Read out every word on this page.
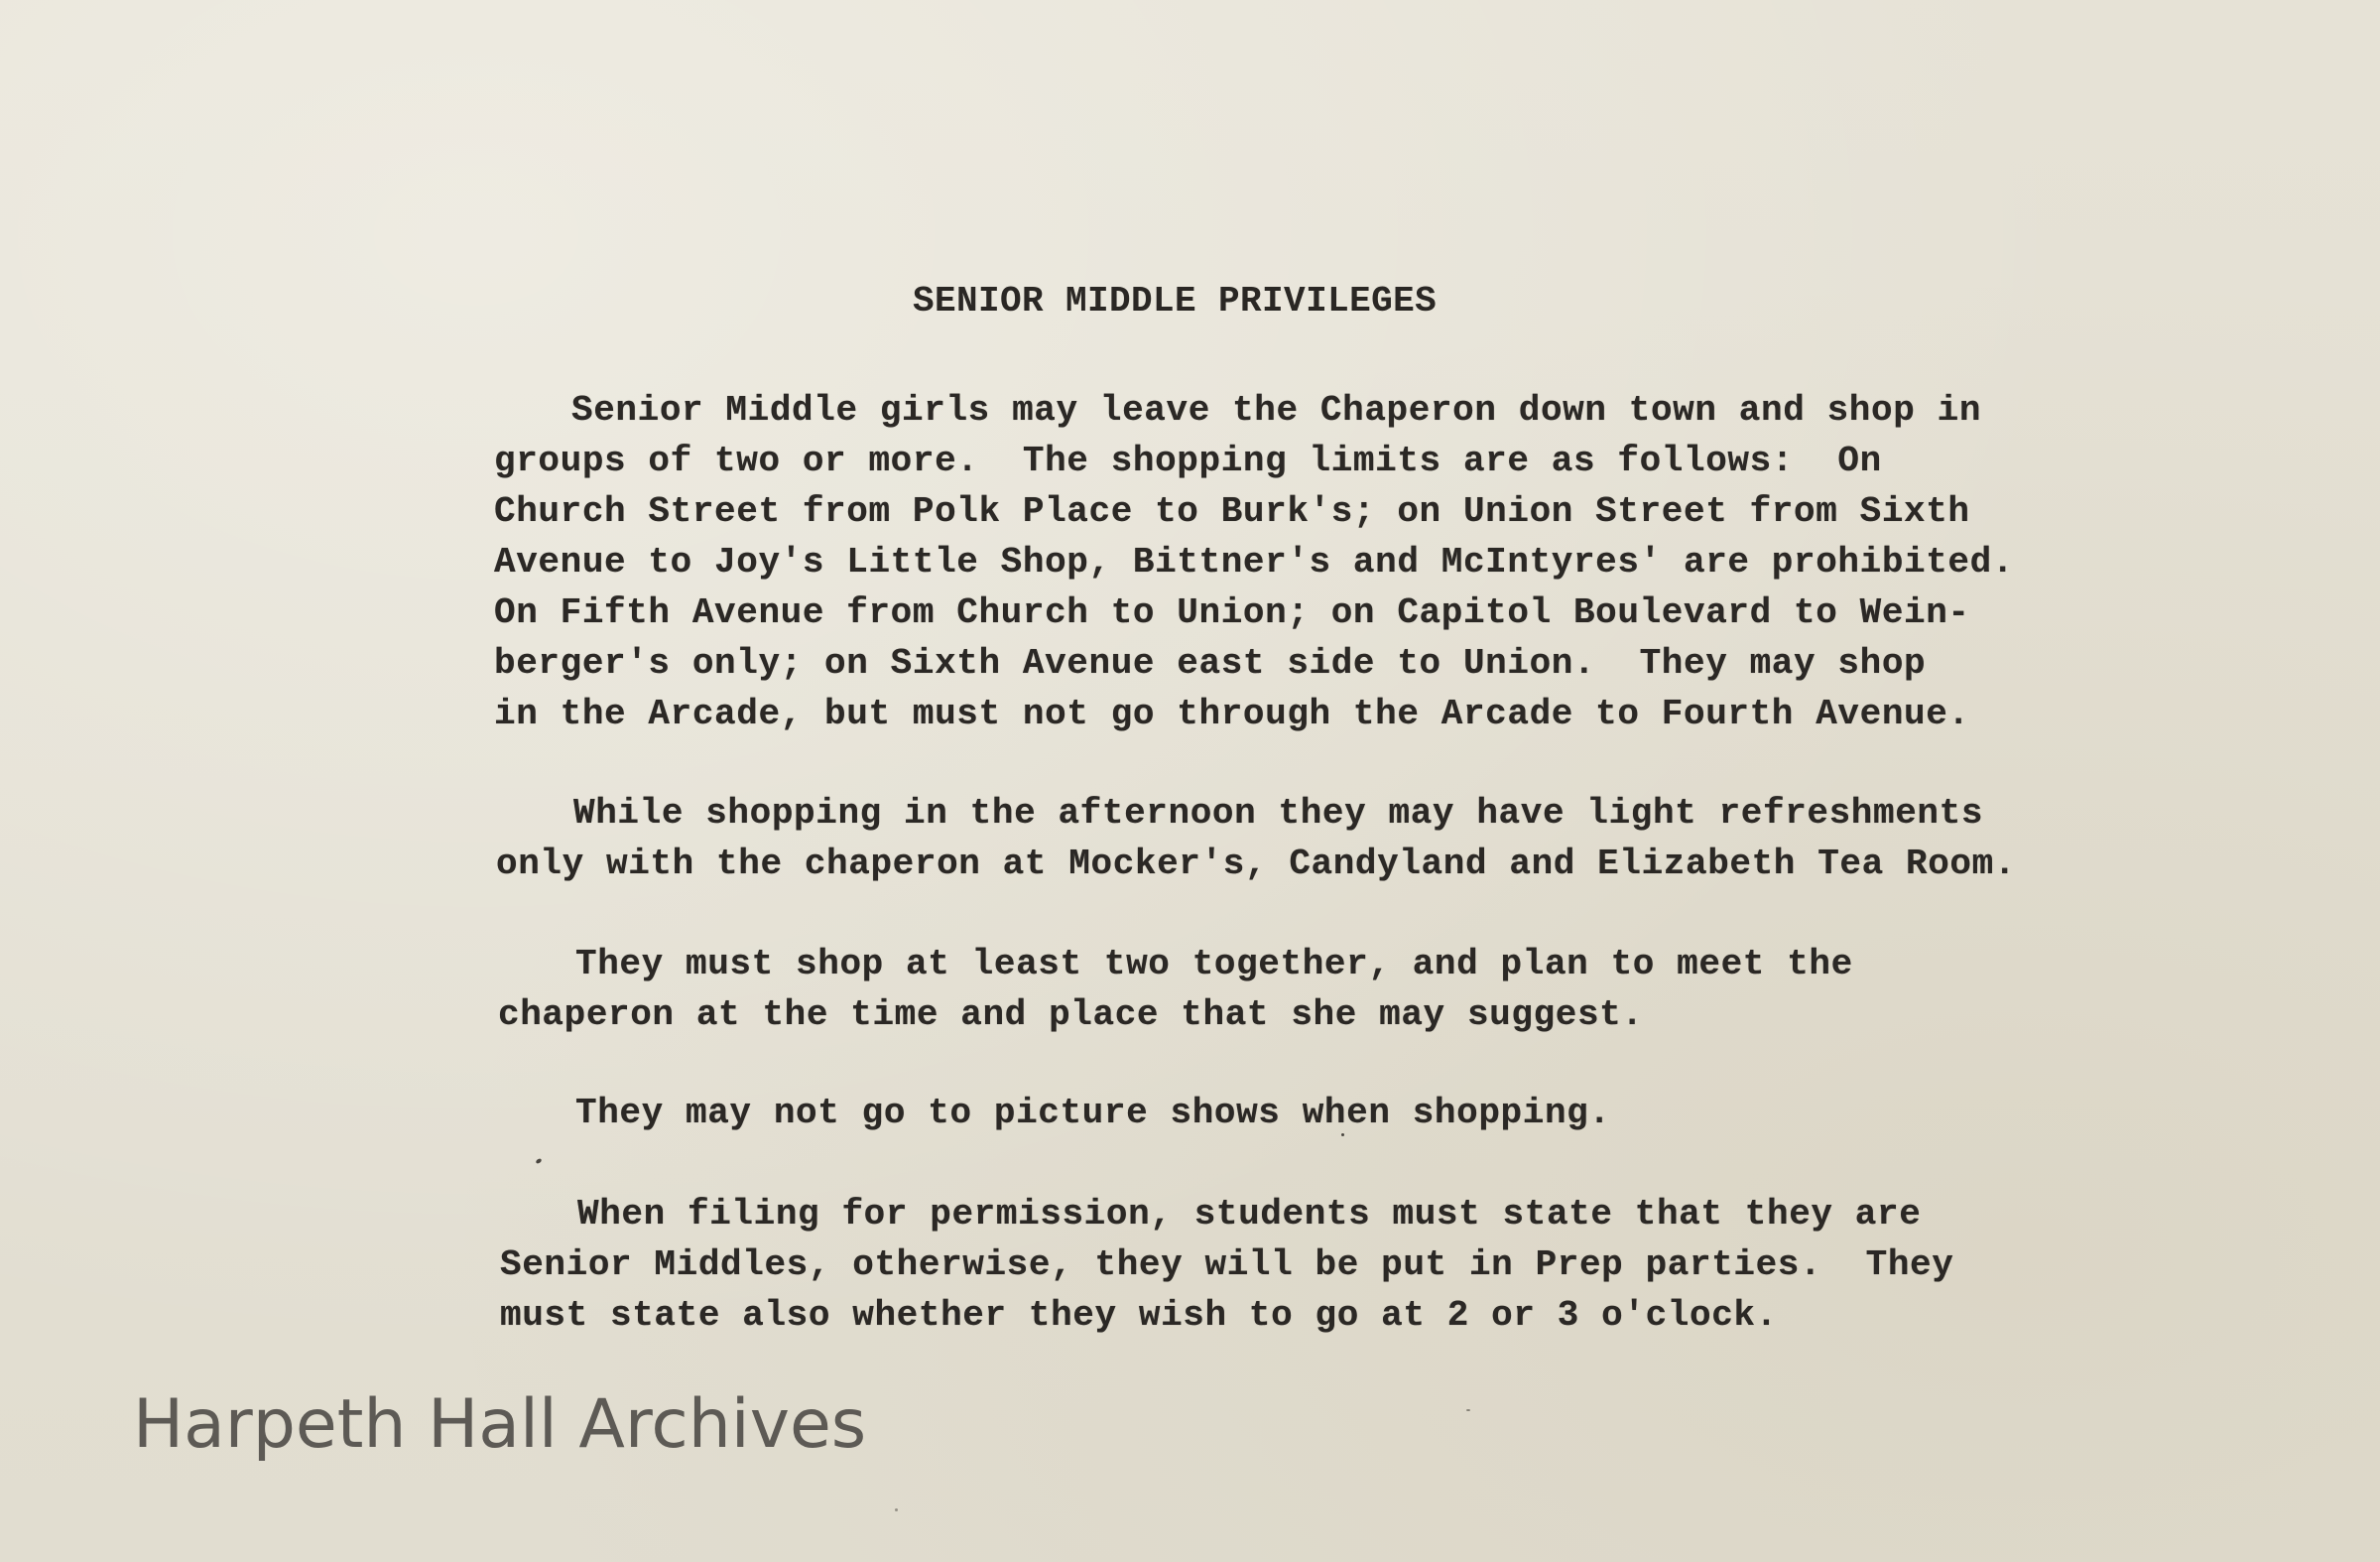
SENIOR MIDDLE PRIVILEGES
Senior Middle girls may leave the Chaperon down town and shop in
groups of two or more.  The shopping limits are as follows:  On
Church Street from Polk Place to Burk's; on Union Street from Sixth
Avenue to Joy's Little Shop, Bittner's and McIntyres' are prohibited.
On Fifth Avenue from Church to Union; on Capitol Boulevard to Wein-
berger's only; on Sixth Avenue east side to Union.  They may shop
in the Arcade, but must not go through the Arcade to Fourth Avenue.
While shopping in the afternoon they may have light refreshments
only with the chaperon at Mocker's, Candyland and Elizabeth Tea Room.
They must shop at least two together, and plan to meet the
chaperon at the time and place that she may suggest.
They may not go to picture shows when shopping.
When filing for permission, students must state that they are
Senior Middles, otherwise, they will be put in Prep parties.  They
must state also whether they wish to go at 2 or 3 o'clock.
Harpeth Hall Archives
